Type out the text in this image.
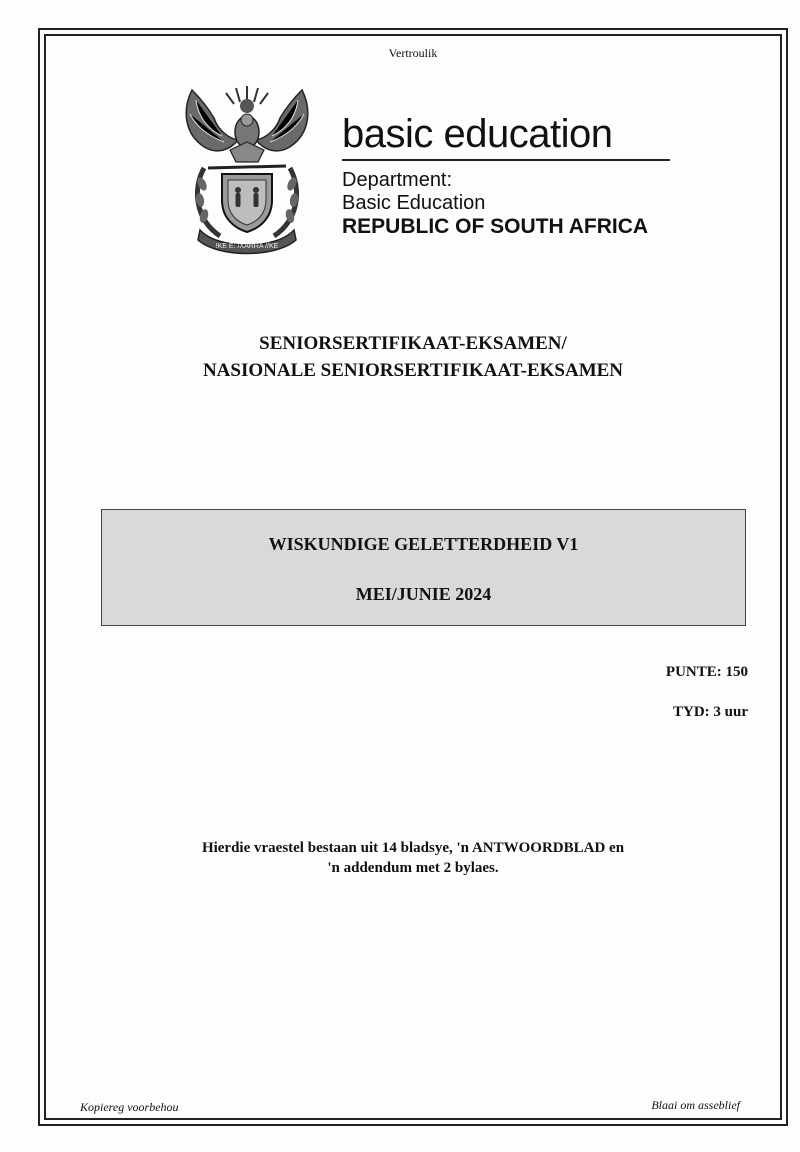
Vertroulik
!KE E: /XARRA //KE
basic education
Department:
Basic Education
REPUBLIC OF SOUTH AFRICA
SENIORSERTIFIKAAT-EKSAMEN/
NASIONALE SENIORSERTIFIKAAT-EKSAMEN
WISKUNDIGE GELETTERDHEID V1
MEI/JUNIE 2024
PUNTE: 150
TYD: 3 uur
Hierdie vraestel bestaan uit 14 bladsye, 'n ANTWOORDBLAD en
'n addendum met 2 bylaes.
Kopiereg voorbehou	Blaai om asseblief
